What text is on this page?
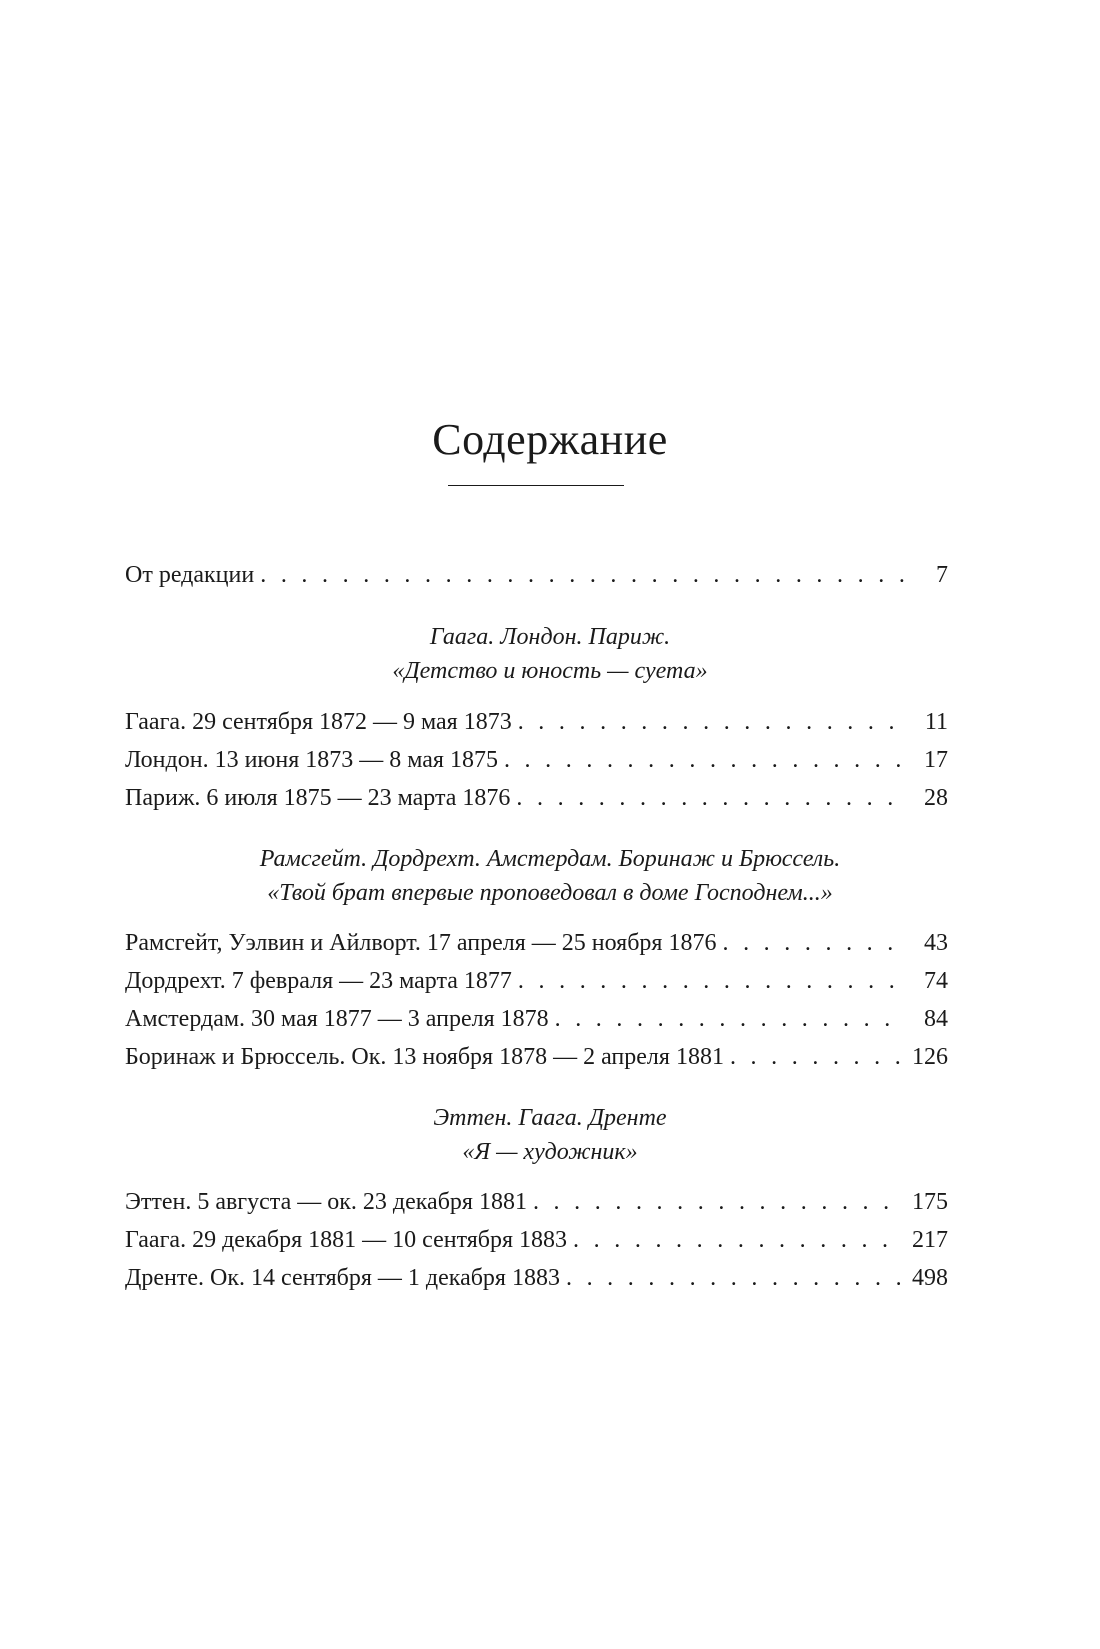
Содержание
От редакции . . .	7
Гаага. Лондон. Париж.
«Детство и юность — суета»
Гаага. 29 сентября 1872 — 9 мая 1873 . . .	11
Лондон. 13 июня 1873 — 8 мая 1875 . . .	17
Париж. 6 июля 1875 — 23 марта 1876 . . .	28
Рамсгейт. Дордрехт. Амстердам. Боринаж и Брюссель.
«Твой брат впервые проповедовал в доме Господнем...»
Рамсгейт, Уэлвин и Айлворт. 17 апреля — 25 ноября 1876 . . .	43
Дордрехт. 7 февраля — 23 марта 1877 . . .	74
Амстердам. 30 мая 1877 — 3 апреля 1878 . . .	84
Боринаж и Брюссель. Ок. 13 ноября 1878 — 2 апреля 1881 . . .	126
Эттен. Гаага. Дренте
«Я — художник»
Эттен. 5 августа — ок. 23 декабря 1881 . . .	175
Гаага. 29 декабря 1881 — 10 сентября 1883 . . .	217
Дренте. Ок. 14 сентября — 1 декабря 1883 . . .	498
